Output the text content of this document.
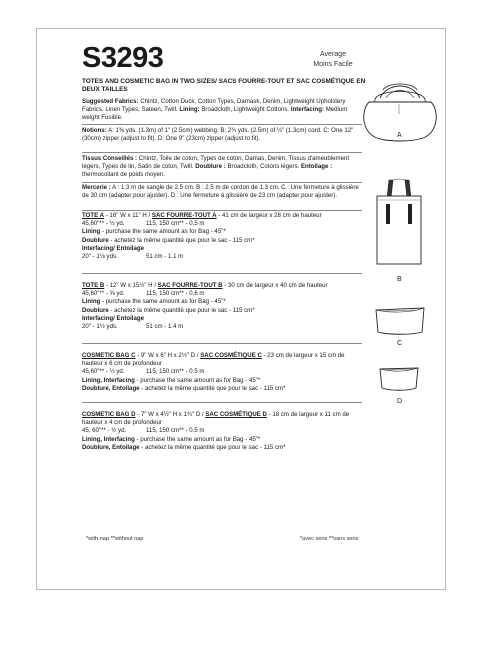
S3293	Average
Moins Facile
TOTES AND COSMETIC BAG IN TWO SIZES/ SACS FOURRE-TOUT ET SAC COSMÉTIQUE EN DEUX TAILLES
Suggested Fabrics: Chintz, Cotton Duck, Cotton Types, Damask, Denim, Lightweight Upholstery Fabrics, Linen Types, Sateen, Twill. Lining: Broadcloth, Lightweight Cottons. Interfacing: Medium weight Fusible.
Notions: A: 1⅜ yds. (1.3m) of 1" (2.5cm) webbing. B: 2¾ yds. (2.5m) of ½" (1.3cm) cord. C: One 12" (30cm) zipper (adjust to fit). D: One 9" (23cm) zipper (adjust to fit).
Tissus Conseillés : Chintz, Toile de coton, Types de coton, Damas, Denim, Tissus d'ameublement légers, Types de lin, Satin de coton, Twill. Doublure : Broadcloth, Cotons légers. Entoilage : thermocollant de poids moyen.
Mercerie : A : 1.3 m de sangle de 2.5 cm. B : 2.5 m de cordon de 1.3 cm. C : Une fermeture à glissière de 30 cm (adapter pour ajuster). D : Une fermeture à glissière de 23 cm (adapter pour ajuster).
TOTE A - 16" W x 11" H / SAC FOURRE-TOUT A - 41 cm de largeur x 28 cm de hauteur
45,60"** - ½ yd.	115, 150 cm** - 0.5 m
Lining - purchase the same amount as for Bag - 45"*
Doublure - achetez la même quantité que pour le sac - 115 cm*
Interfacing/ Entoilage
20" - 1⅛ yds.	51 cm - 1.1 m
TOTE B - 12" W x 15½" H / SAC FOURRE-TOUT B - 30 cm de largeur x 40 cm de hauteur
45,60"** - ⅝ yd.	115, 150 cm** - 0.6 m
Lining - purchase the same amount as for Bag - 45"*
Doublure - achetez la même quantité que pour le sac - 115 cm*
Interfacing/ Entoilage
20" - 1½ yds.	51 cm - 1.4 m
COSMETIC BAG C - 9" W x 6" H x 2½" D / SAC COSMÉTIQUE C - 23 cm de largeur x 15 cm de hauteur x 6 cm de profondeur
45,60"** - ½ yd.	115, 150 cm** - 0.5 m
Lining, Interfacing - purchase the same amount as for Bag - 45"*
Doublure, Entoilage - achetez la même quantité que pour le sac - 115 cm*
COSMETIC BAG D - 7" W x 4½" H x 1¾" D / SAC COSMÉTIQUE D - 18 cm de largeur x 11 cm de hauteur x 4 cm de profondeur
45, 60"** - ½ yd.	115, 150 cm** - 0.5 m
Lining, Interfacing - purchase the same amount as for Bag - 45"*
Doublure, Entoilage - achetez la même quantité que pour le sac - 115 cm*
*with nap **without nap	*avec sens **sans sens
A
B
C
D
